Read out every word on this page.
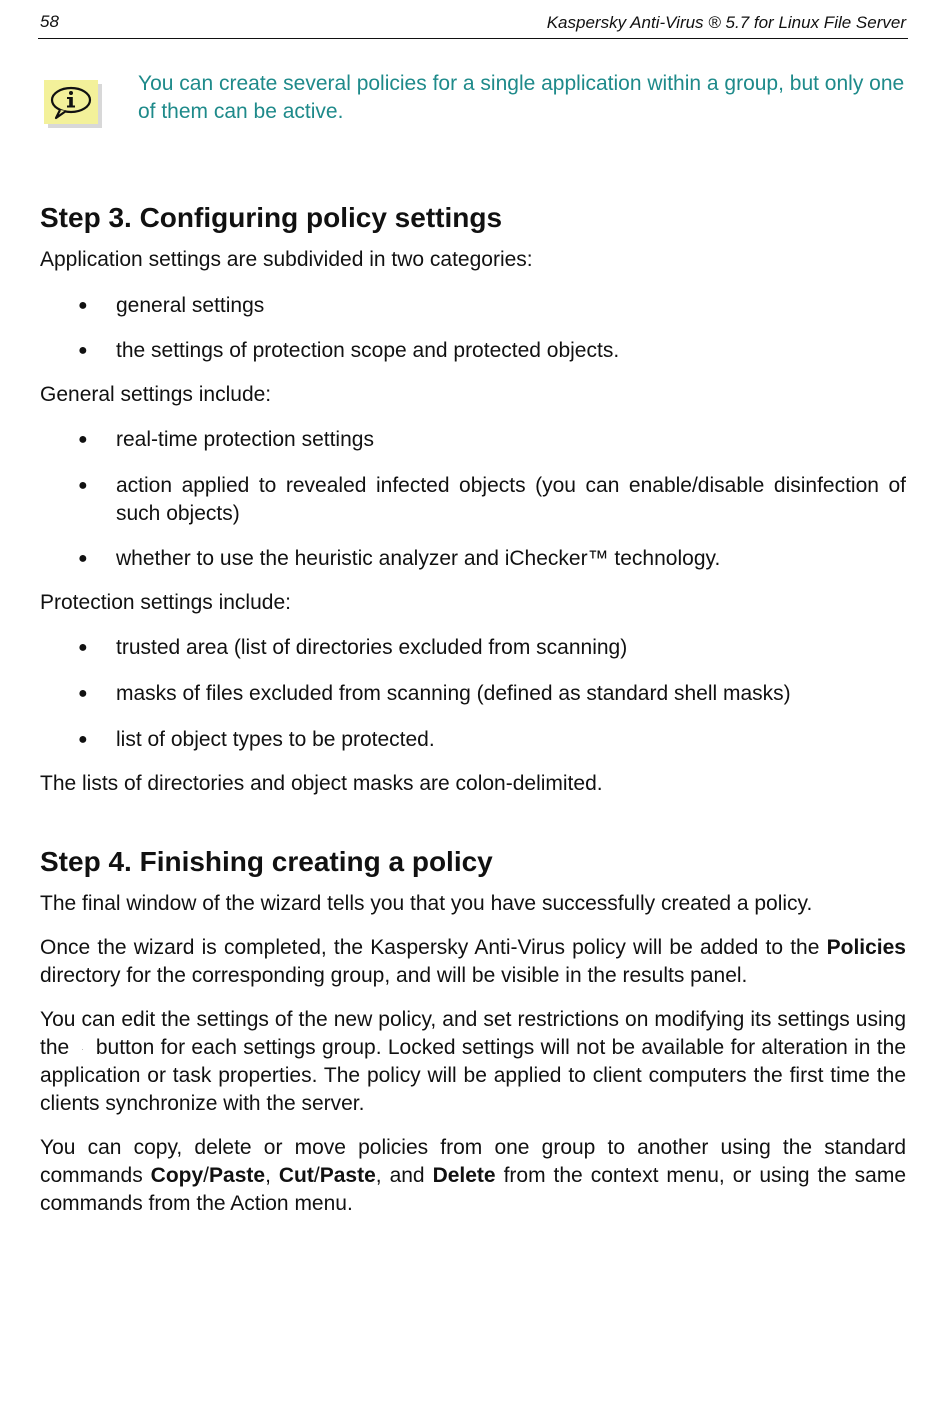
58	Kaspersky Anti-Virus ® 5.7 for Linux File Server
You can create several policies for a single application within a group, but only one of them can be active.
Step 3. Configuring policy settings

Application settings are subdivided in two categories:

● general settings
● the settings of protection scope and protected objects.

General settings include:

● real-time protection settings
● action applied to revealed infected objects (you can enable/disable disinfection of such objects)
● whether to use the heuristic analyzer and iChecker™ technology.

Protection settings include:

● trusted area (list of directories excluded from scanning)
● masks of files excluded from scanning (defined as standard shell masks)
● list of object types to be protected.

The lists of directories and object masks are colon-delimited.

Step 4. Finishing creating a policy

The final window of the wizard tells you that you have successfully created a policy.

Once the wizard is completed, the Kaspersky Anti-Virus policy will be added to the Policies directory for the corresponding group, and will be visible in the results panel.

You can edit the settings of the new policy, and set restrictions on modifying its settings using the . button for each settings group. Locked settings will not be available for alteration in the application or task properties. The policy will be applied to client computers the first time the clients synchronize with the server.

You can copy, delete or move policies from one group to another using the standard commands Copy/Paste, Cut/Paste, and Delete from the context menu, or using the same commands from the Action menu.
